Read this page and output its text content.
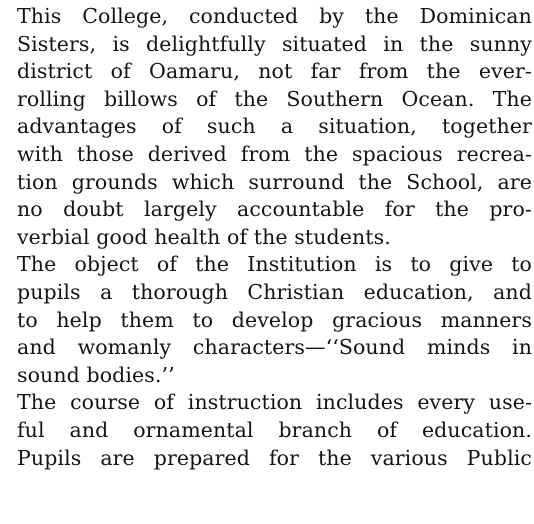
This College, conducted by the Dominican
Sisters, is delightfully situated in the sunny
district of Oamaru, not far from the ever-
rolling billows of the Southern Ocean. The
advantages of such a situation, together
with those derived from the spacious recrea-
tion grounds which surround the School, are
no doubt largely accountable for the pro-
verbial good health of the students.
The object of the Institution is to give to
pupils a thorough Christian education, and
to help them to develop gracious manners
and womanly characters—‘‘Sound minds in
sound bodies.’’
The course of instruction includes every use-
ful and ornamental branch of education.
Pupils are prepared for the various Public
